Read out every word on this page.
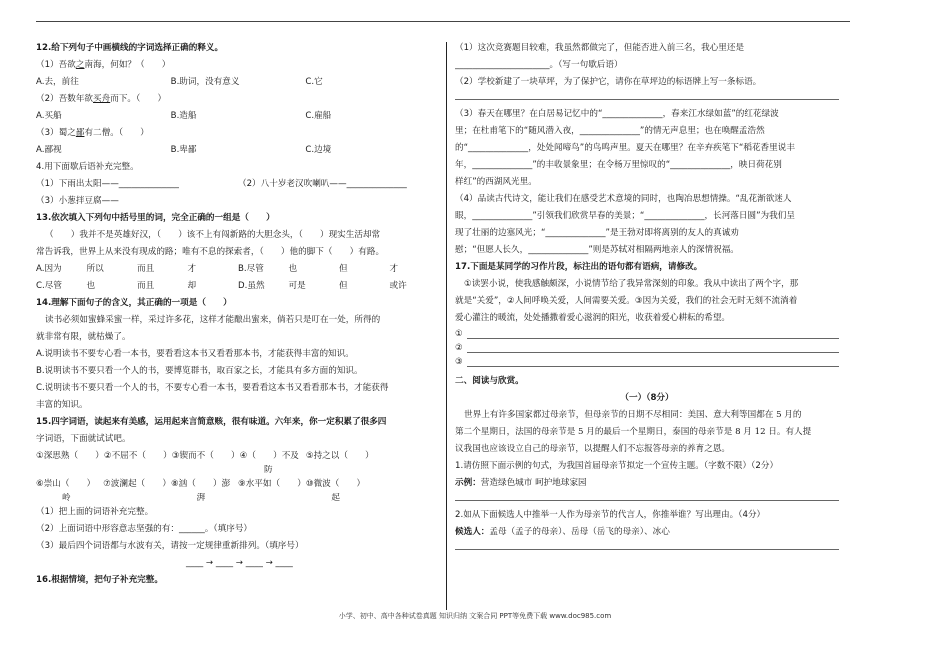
12.给下列句子中画横线的字词选择正确的释义。
（1）吾欲之南海，何如？（　　）
A.去，前往	B.助词，没有意义	C.它
（2）吾数年欲买舟而下。（　　）
A.买船	B.造船	C.雇船
（3）蜀之鄙有二僧。（　　）
A.鄙视	B.卑鄙	C.边境
4.用下面歇后语补充完整。
（1）下雨出太阳——______________	（2）八十岁老汉吹喇叭——______________
（3）小葱拌豆腐——
13.依次填入下列句中括号里的词，完全正确的一组是（　　）
（　　）我并不是英雄好汉，（　　）该不上有闯新路的大胆念头，（　　）现实生活却常
常告诉我，世界上从来没有现成的路；唯有不息的探索者，（　　）他的脚下（　　）有路。
A.因为	所以	而且	才	B.尽管	也	但	才
C.尽管	也	而且	却	D.虽然	可是	但	或许
14.理解下面句子的含义，其正确的一项是（　　）
读书必须如蜜蜂采蜜一样，采过许多花，这样才能酿出蜜来，倘若只是叮在一处，所得的
就非常有限，就枯燥了。
A.说明读书不要专心看一本书，要看看这本书又看看那本书，才能获得丰富的知识。
B.说明读书不要只看一个人的书，要博览群书，取百家之长，才能具有多方面的知识。
C.说明读书不要只看一个人的书，不要专心看一本书，要看看这本书又看看那本书，才能获得
丰富的知识。
15.四字词语，读起来有美感，运用起来言简意赅，很有味道。六年来，你一定积累了很多四
字词语，下面就试试吧。
①深思熟（　　） ②不屈不（　　） ③锲而不（　　） ④（　　）不及 ⑤持之以（　　）
防
⑥崇山（　　） ⑦波澜起（　　） ⑧汹（　　）澎 ⑨水平如（　　） ⑩微波（　　）
岭	湃	起
（1）把上面的词语补充完整。
（2）上面词语中形容意志坚强的有：______。（填序号）
（3）最后四个词语都与水波有关，请按一定规律重新排列。（填序号）
____ → ____ → ____ → ____
16.根据情境，把句子补充完整。
（1）这次竞赛题目较难，我虽然都做完了，但能否进入前三名，我心里还是
______________________。（写一句歇后语）
（2）学校新建了一块草坪，为了保护它，请你在草坪边的标语牌上写一条标语。
（3）春天在哪里？在白居易记忆中的“______________，春来江水绿如蓝”的红花绿波
里；在杜甫笔下的“随风潜入夜，______________”的情无声息里；也在唤醒孟浩然
的“______________，处处闻啼鸟”的鸟鸣声里。夏天在哪里？在辛弃疾笔下“稻花香里说丰
年，______________”的丰收景象里；在令杨万里惊叹的“______________，映日荷花别
样红”的西湖风光里。
（4）品读古代诗文，能让我们在感受艺术意境的同时，也陶冶思想情操。“乱花渐欲迷人
眼，______________”引领我们欣赏早春的美景；“______________，长河落日圆”为我们呈
现了壮丽的边塞风光；“______________”是王勃对即将离别的友人的真诚劝
慰；“但愿人长久，______________”则是苏轼对相隔两地亲人的深情祝福。
17.下面是某同学的习作片段，标注出的语句都有语病，请修改。
①读罢小说，使我感触颇深，小说情节给了我异常深刻的印象。我从中读出了两个字，那
就是“关爱”，②人间呼唤关爱，人间需要关爱。③因为关爱，我们的社会无时无刻不流淌着
爱心灌注的暖流，处处播撒着爱心滋润的阳光，收获着爱心耕耘的希望。
①
②
③
二、阅读与欣赏。
（一）（8分）
世界上有许多国家都过母亲节，但母亲节的日期不尽相同：美国、意大利等国都在 5 月的
第二个星期日，法国的母亲节是 5 月的最后一个星期日，泰国的母亲节是 8 月 12 日。有人提
议我国也应该设立自己的母亲节，以提醒人们不忘报答母亲的养育之恩。
1.请仿照下面示例的句式，为我国首届母亲节拟定一个宣传主题。（字数不限）（2分）
示例：营造绿色城市 呵护地球家园
2.如从下面候选人中推举一人作为母亲节的代言人，你推举谁？写出理由。（4分）
候选人：孟母（孟子的母亲）、岳母（岳飞的母亲）、冰心
小学、初中、高中各种试卷真题 知识归纳 文案合同 PPT等免费下载 www.doc985.com
